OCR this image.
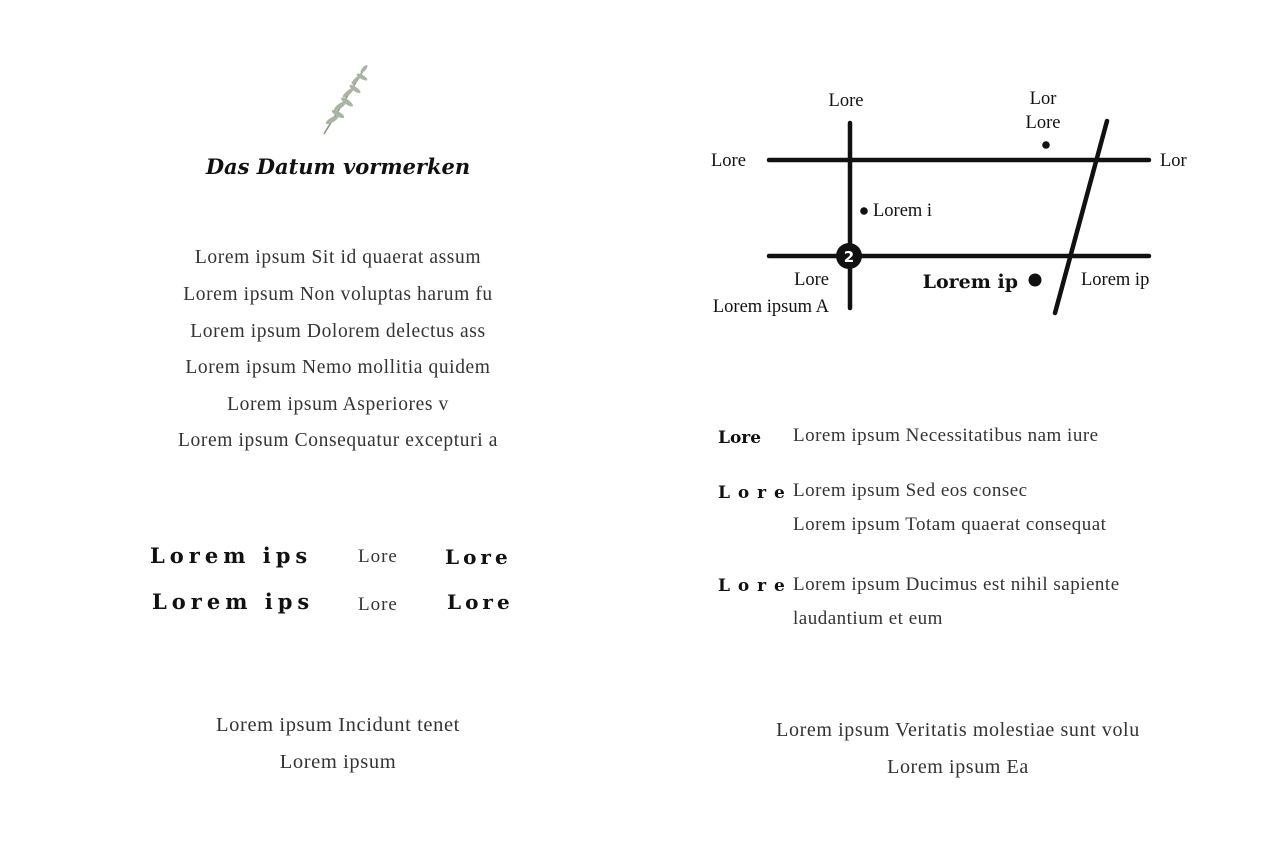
Das Datum vormerken
Lorem ipsum Sit id quaerat assum
Lorem ipsum Non voluptas harum fu
Lorem ipsum Dolorem delectus ass
Lorem ipsum Nemo mollitia quidem
Lorem ipsum Asperiores v
Lorem ipsum Consequatur excepturi a
Lorem ips Lore Lore
Lorem ips Lore Lore
Lorem ipsum Incidunt tenet
Lorem ipsum
2
Lore	Lor
Lore
Lore	Lor
Lorem i
Lore
Lorem ipsum A
Lorem ip	Lorem ip
Lore Lorem ipsum Necessitatibus nam iure
L o r e Lorem ipsum Sed eos consec
Lorem ipsum Totam quaerat consequat
L o r e Lorem ipsum Ducimus est nihil sapiente
laudantium et eum
Lorem ipsum Veritatis molestiae sunt volu
Lorem ipsum Ea
